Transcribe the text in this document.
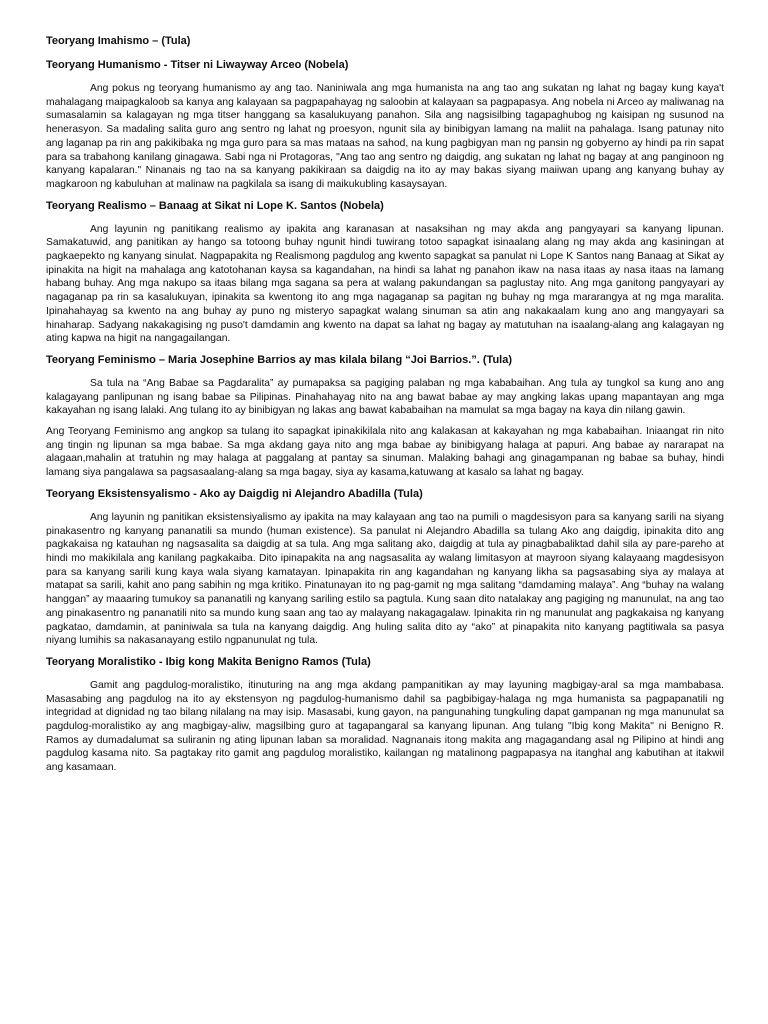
Teoryang Imahismo – (Tula)
Teoryang Humanismo - Titser ni Liwayway Arceo (Nobela)

Ang pokus ng teoryang humanismo ay ang tao. Naniniwala ang mga humanista na ang tao ang sukatan ng lahat ng bagay kung kaya't mahalagang maipagkaloob sa kanya ang kalayaan sa pagpapahayag ng saloobin at kalayaan sa pagpapasya. Ang nobela ni Arceo ay maliwanag na sumasalamin sa kalagayan ng mga titser hanggang sa kasalukuyang panahon. Sila ang nagsisilbing tagapaghubog ng kaisipan ng susunod na henerasyon. Sa madaling salita guro ang sentro ng lahat ng proesyon, ngunit sila ay binibigyan lamang na maliit na pahalaga. Isang patunay nito ang laganap pa rin ang pakikibaka ng mga guro para sa mas mataas na sahod, na kung pagbigyan man ng pansin ng gobyerno ay hindi pa rin sapat para sa trabahong kanilang ginagawa. Sabi nga ni Protagoras, "Ang tao ang sentro ng daigdig, ang sukatan ng lahat ng bagay at ang panginoon ng kanyang kapalaran." Ninanais ng tao na sa kanyang pakikiraan sa daigdig na ito ay may bakas siyang maiiwan upang ang kanyang buhay ay magkaroon ng kabuluhan at malinaw na pagkilala sa isang di maikukubling kasaysayan.

Teoryang Realismo – Banaag at Sikat ni Lope K. Santos (Nobela)

Ang layunin ng panitikang realismo ay ipakita ang karanasan at nasaksihan ng may akda ang pangyayari sa kanyang lipunan. Samakatuwid, ang panitikan ay hango sa totoong buhay ngunit hindi tuwirang totoo sapagkat isinaalang alang ng may akda ang kasiningan at pagkaepekto ng kanyang sinulat. Nagpapakita ng Realismong pagdulog ang kwento sapagkat sa panulat ni Lope K Santos nang Banaag at Sikat ay ipinakita na higit na mahalaga ang katotohanan kaysa sa kagandahan, na hindi sa lahat ng panahon ikaw na nasa itaas ay nasa itaas na lamang habang buhay. Ang mga nakupo sa itaas bilang mga sagana sa pera at walang pakundangan sa paglustay nito. Ang mga ganitong pangyayari ay nagaganap pa rin sa kasalukuyan, ipinakita sa kwentong ito ang mga nagaganap sa pagitan ng buhay ng mga mararangya at ng mga maralita. Ipinahahayag sa kwento na ang buhay ay puno ng misteryo sapagkat walang sinuman sa atin ang nakakaalam kung ano ang mangyayari sa hinaharap. Sadyang nakakagising ng puso't damdamin ang kwento na dapat sa lahat ng bagay ay matutuhan na isaalang-alang ang kalagayan ng ating kapwa na higit na nangagailangan.

Teoryang Feminismo – Maria Josephine Barrios ay mas kilala bilang “Joi Barrios.”. (Tula)

Sa tula na “Ang Babae sa Pagdaralita” ay pumapaksa sa pagiging palaban ng mga kababaihan. Ang tula ay tungkol sa kung ano ang kalagayang panlipunan ng isang babae sa Pilipinas. Pinahahayag nito na ang bawat babae ay may angking lakas upang mapantayan ang mga kakayahan ng isang lalaki. Ang tulang ito ay binibigyan ng lakas ang bawat kababaihan na mamulat sa mga bagay na kaya din nilang gawin.

Ang Teoryang Feminismo ang angkop sa tulang ito sapagkat ipinakikilala nito ang kalakasan at kakayahan ng mga kababaihan. Iniaangat rin nito ang tingin ng lipunan sa mga babae. Sa mga akdang gaya nito ang mga babae ay binibigyang halaga at papuri. Ang babae ay nararapat na alagaan,mahalin at tratuhin ng may halaga at paggalang at pantay sa sinuman. Malaking bahagi ang ginagampanan ng babae sa buhay, hindi lamang siya pangalawa sa pagsasaalang-alang sa mga bagay, siya ay kasama,katuwang at kasalo sa lahat ng bagay.

Teoryang Eksistensyalismo - Ako ay Daigdig ni Alejandro Abadilla (Tula)

Ang layunin ng panitikan eksistensiyalismo ay ipakita na may kalayaan ang tao na pumili o magdesisyon para sa kanyang sarili na siyang pinakasentro ng kanyang pananatili sa mundo (human existence). Sa panulat ni Alejandro Abadilla sa tulang Ako ang daigdig, ipinakita dito ang pagkakaisa ng katauhan ng nagsasalita sa daigdig at sa tula. Ang mga salitang ako, daigdig at tula ay pinagbabaliktad dahil sila ay pare-pareho at hindi mo makikilala ang kanilang pagkakaiba. Dito ipinapakita na ang nagsasalita ay walang limitasyon at mayroon siyang kalayaang magdesisyon para sa kanyang sarili kung kaya wala siyang kamatayan. Ipinapakita rin ang kagandahan ng kanyang likha sa pagsasabing siya ay malaya at matapat sa sarili, kahit ano pang sabihin ng mga kritiko. Pinatunayan ito ng pag-gamit ng mga salitang “damdaming malaya”. Ang “buhay na walang hanggan” ay maaaring tumukoy sa pananatili ng kanyang sariling estilo sa pagtula. Kung saan dito natalakay ang pagiging ng manunulat, na ang tao ang pinakasentro ng pananatili nito sa mundo kung saan ang tao ay malayang nakagagalaw. Ipinakita rin ng manunulat ang pagkakaisa ng kanyang pagkatao, damdamin, at paniniwala sa tula na kanyang daigdig. Ang huling salita dito ay “ako” at pinapakita nito kanyang pagtitiwala sa pasya niyang lumihis sa nakasanayang estilo ngpanunulat ng tula.

Teoryang Moralistiko - Ibig kong Makita Benigno Ramos (Tula)

Gamit ang pagdulog-moralistiko, itinuturing na ang mga akdang pampanitikan ay may layuning magbigay-aral sa mga mambabasa. Masasabing ang pagdulog na ito ay ekstensyon ng pagdulog-humanismo dahil sa pagbibigay-halaga ng mga humanista sa pagpapanatili ng integridad at dignidad ng tao bilang nilalang na may isip. Masasabi, kung gayon, na pangunahing tungkuling dapat gampanan ng mga manunulat sa pagdulog-moralistiko ay ang magbigay-aliw, magsilbing guro at tagapangaral sa kanyang lipunan. Ang tulang "Ibig kong Makita" ni Benigno R. Ramos ay dumadalumat sa suliranin ng ating lipunan laban sa moralidad. Nagnanais itong makita ang magagandang asal ng Pilipino at hindi ang pagdulog kasama nito. Sa pagtakay rito gamit ang pagdulog moralistiko, kailangan ng matalinong pagpapasya na itanghal ang kabutihan at itakwil ang kasamaan.
